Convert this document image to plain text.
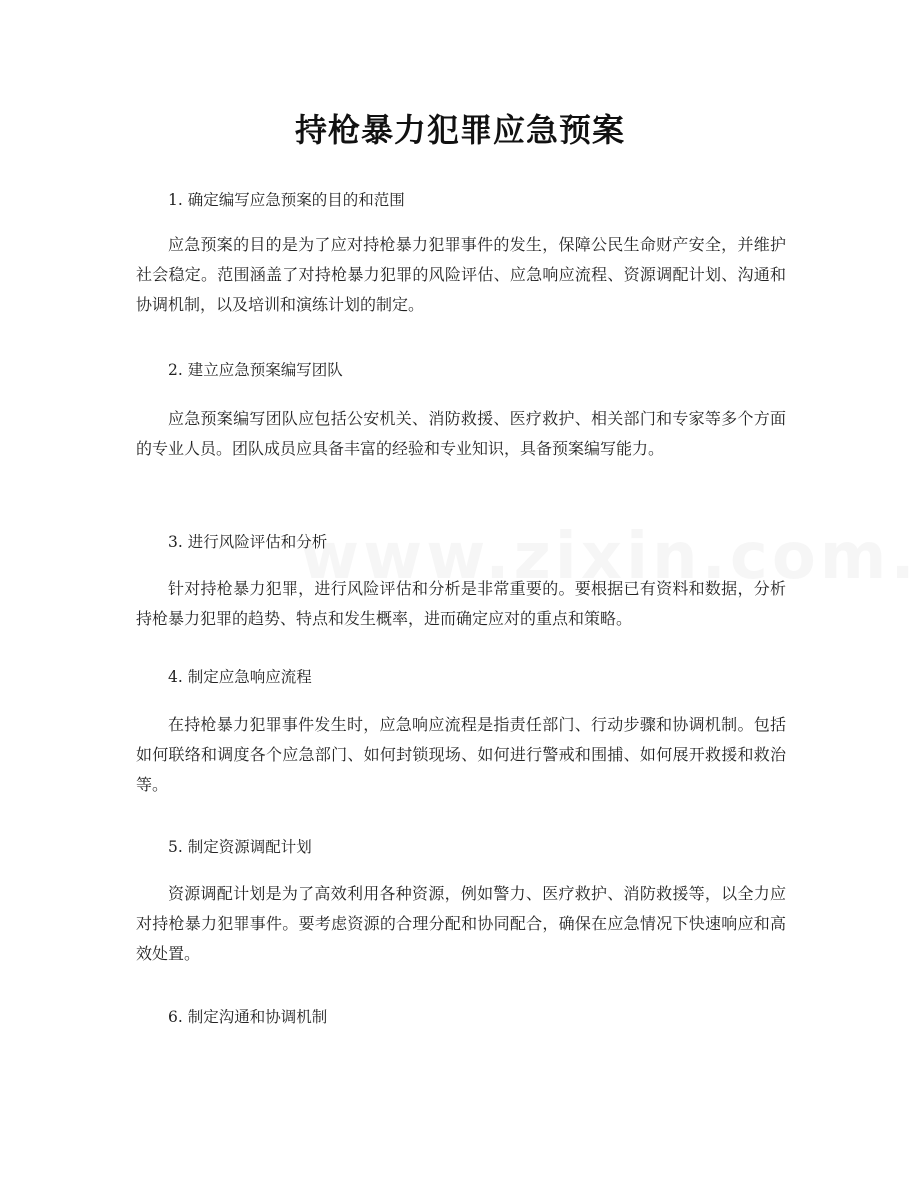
持枪暴力犯罪应急预案
1. 确定编写应急预案的目的和范围
应急预案的目的是为了应对持枪暴力犯罪事件的发生，保障公民生命财产安全，并维护社会稳定。范围涵盖了对持枪暴力犯罪的风险评估、应急响应流程、资源调配计划、沟通和协调机制，以及培训和演练计划的制定。
2. 建立应急预案编写团队
应急预案编写团队应包括公安机关、消防救援、医疗救护、相关部门和专家等多个方面的专业人员。团队成员应具备丰富的经验和专业知识，具备预案编写能力。
3. 进行风险评估和分析
针对持枪暴力犯罪，进行风险评估和分析是非常重要的。要根据已有资料和数据，分析持枪暴力犯罪的趋势、特点和发生概率，进而确定应对的重点和策略。
4. 制定应急响应流程
在持枪暴力犯罪事件发生时，应急响应流程是指责任部门、行动步骤和协调机制。包括如何联络和调度各个应急部门、如何封锁现场、如何进行警戒和围捕、如何展开救援和救治等。
5. 制定资源调配计划
资源调配计划是为了高效利用各种资源，例如警力、医疗救护、消防救援等，以全力应对持枪暴力犯罪事件。要考虑资源的合理分配和协同配合，确保在应急情况下快速响应和高效处置。
6. 制定沟通和协调机制
